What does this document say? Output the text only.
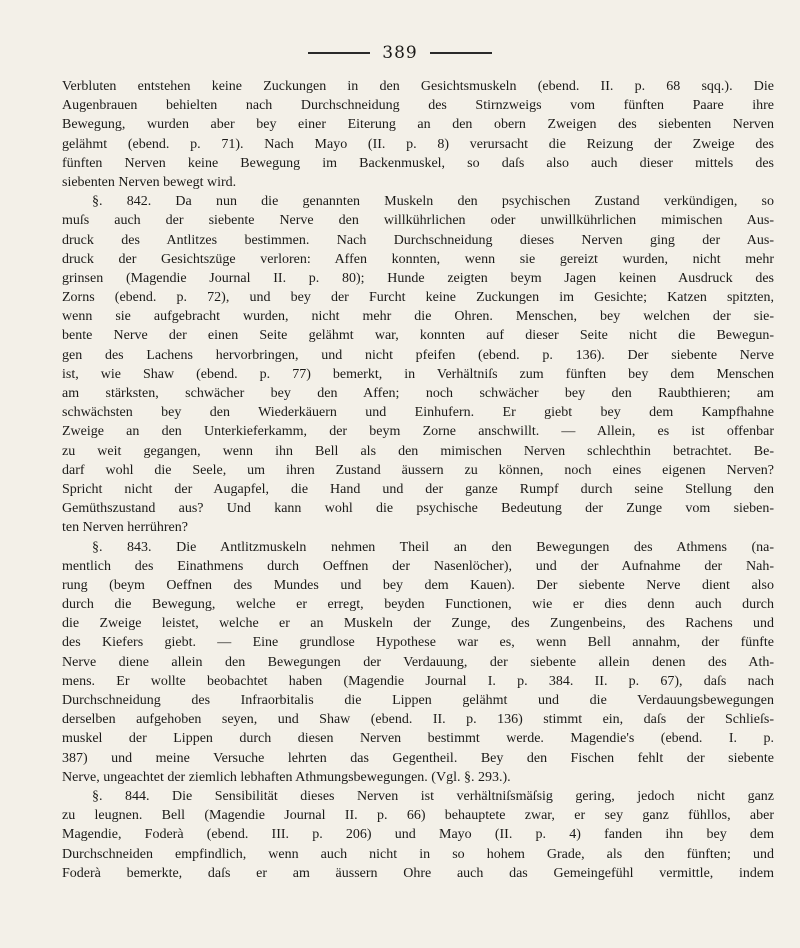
389
Verbluten entstehen keine Zuckungen in den Gesichtsmuskeln (ebend. II. p. 68 sqq.). Die
Augenbrauen behielten nach Durchschneidung des Stirnzweigs vom fünften Paare ihre
Bewegung, wurden aber bey einer Eiterung an den obern Zweigen des siebenten Nerven
gelähmt (ebend. p. 71). Nach Mayo (II. p. 8) verursacht die Reizung der Zweige des
fünften Nerven keine Bewegung im Backenmuskel, so daſs also auch dieser mittels des
siebenten Nerven bewegt wird.
§. 842. Da nun die genannten Muskeln den psychischen Zustand verkündigen, so
muſs auch der siebente Nerve den willkührlichen oder unwillkührlichen mimischen Aus-
druck des Antlitzes bestimmen. Nach Durchschneidung dieses Nerven ging der Aus-
druck der Gesichtszüge verloren: Affen konnten, wenn sie gereizt wurden, nicht mehr
grinsen (Magendie Journal II. p. 80); Hunde zeigten beym Jagen keinen Ausdruck des
Zorns (ebend. p. 72), und bey der Furcht keine Zuckungen im Gesichte; Katzen spitzten,
wenn sie aufgebracht wurden, nicht mehr die Ohren. Menschen, bey welchen der sie-
bente Nerve der einen Seite gelähmt war, konnten auf dieser Seite nicht die Bewegun-
gen des Lachens hervorbringen, und nicht pfeifen (ebend. p. 136). Der siebente Nerve
ist, wie Shaw (ebend. p. 77) bemerkt, in Verhältniſs zum fünften bey dem Menschen
am stärksten, schwächer bey den Affen; noch schwächer bey den Raubthieren; am
schwächsten bey den Wiederkäuern und Einhufern. Er giebt bey dem Kampfhahne
Zweige an den Unterkieferkamm, der beym Zorne anschwillt. — Allein, es ist offenbar
zu weit gegangen, wenn ihn Bell als den mimischen Nerven schlechthin betrachtet. Be-
darf wohl die Seele, um ihren Zustand äussern zu können, noch eines eigenen Nerven?
Spricht nicht der Augapfel, die Hand und der ganze Rumpf durch seine Stellung den
Gemüthszustand aus? Und kann wohl die psychische Bedeutung der Zunge vom sieben-
ten Nerven herrühren?
§. 843. Die Antlitzmuskeln nehmen Theil an den Bewegungen des Athmens (na-
mentlich des Einathmens durch Oeffnen der Nasenlöcher), und der Aufnahme der Nah-
rung (beym Oeffnen des Mundes und bey dem Kauen). Der siebente Nerve dient also
durch die Bewegung, welche er erregt, beyden Functionen, wie er dies denn auch durch
die Zweige leistet, welche er an Muskeln der Zunge, des Zungenbeins, des Rachens und
des Kiefers giebt. — Eine grundlose Hypothese war es, wenn Bell annahm, der fünfte
Nerve diene allein den Bewegungen der Verdauung, der siebente allein denen des Ath-
mens. Er wollte beobachtet haben (Magendie Journal I. p. 384. II. p. 67), daſs nach
Durchschneidung des Infraorbitalis die Lippen gelähmt und die Verdauungsbewegungen
derselben aufgehoben seyen, und Shaw (ebend. II. p. 136) stimmt ein, daſs der Schlieſs-
muskel der Lippen durch diesen Nerven bestimmt werde. Magendie's (ebend. I. p.
387) und meine Versuche lehrten das Gegentheil. Bey den Fischen fehlt der siebente
Nerve, ungeachtet der ziemlich lebhaften Athmungsbewegungen. (Vgl. §. 293.).
§. 844. Die Sensibilität dieses Nerven ist verhältniſsmäſsig gering, jedoch nicht ganz
zu leugnen. Bell (Magendie Journal II. p. 66) behauptete zwar, er sey ganz fühllos, aber
Magendie, Foderà (ebend. III. p. 206) und Mayo (II. p. 4) fanden ihn bey dem
Durchschneiden empfindlich, wenn auch nicht in so hohem Grade, als den fünften; und
Foderà bemerkte, daſs er am äussern Ohre auch das Gemeingefühl vermittle, indem
